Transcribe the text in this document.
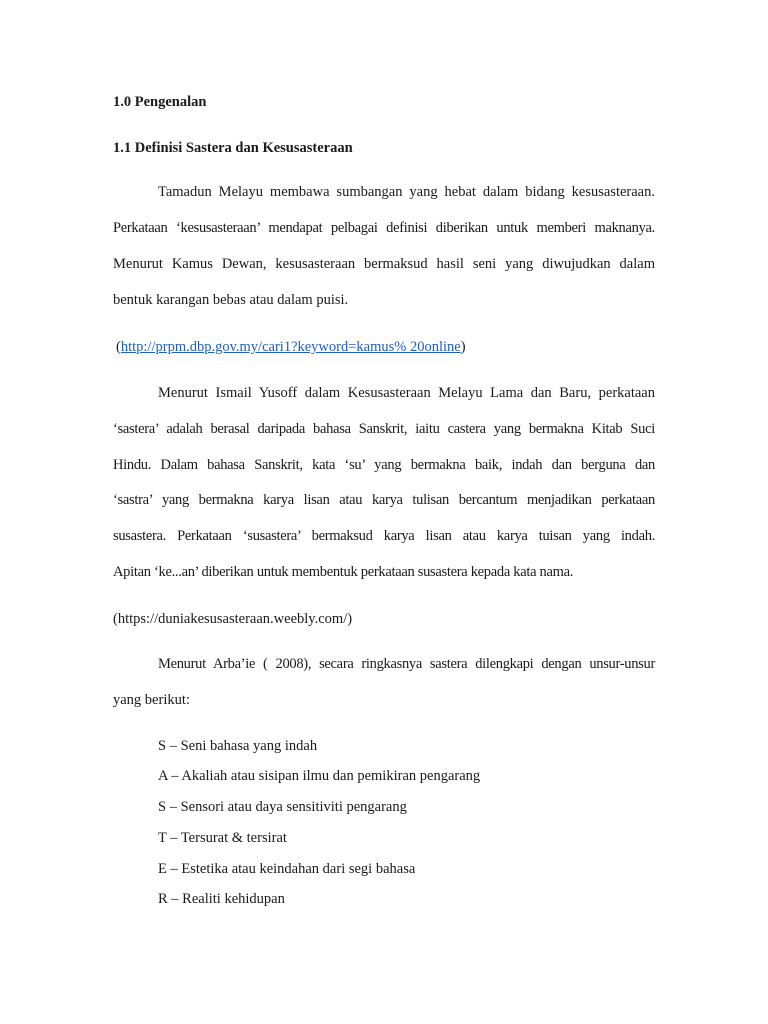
1.0 Pengenalan

1.1 Definisi Sastera dan Kesusasteraan

Tamadun Melayu membawa sumbangan yang hebat dalam bidang kesusasteraan.

Perkataan ‘kesusasteraan’ mendapat pelbagai definisi diberikan untuk memberi maknanya.

Menurut Kamus Dewan, kesusasteraan bermaksud hasil seni yang diwujudkan dalam

bentuk karangan bebas atau dalam puisi.

(http://prpm.dbp.gov.my/cari1?keyword=kamus% 20online)

Menurut Ismail Yusoff dalam Kesusasteraan Melayu Lama dan Baru, perkataan

‘sastera’ adalah berasal daripada bahasa Sanskrit, iaitu castera yang bermakna Kitab Suci

Hindu. Dalam bahasa Sanskrit, kata ‘su’ yang bermakna baik, indah dan berguna dan

‘sastra’ yang bermakna karya lisan atau karya tulisan bercantum menjadikan perkataan

susastera. Perkataan ‘susastera’ bermaksud karya lisan atau karya tuisan yang indah.

Apitan ‘ke...an’ diberikan untuk membentuk perkataan susastera kepada kata nama.

(https://duniakesusasteraan.weebly.com/)

Menurut Arba’ie ( 2008), secara ringkasnya sastera dilengkapi dengan unsur-unsur

yang berikut:

S – Seni bahasa yang indah

A – Akaliah atau sisipan ilmu dan pemikiran pengarang

S – Sensori atau daya sensitiviti pengarang

T – Tersurat & tersirat

E – Estetika atau keindahan dari segi bahasa

R – Realiti kehidupan
